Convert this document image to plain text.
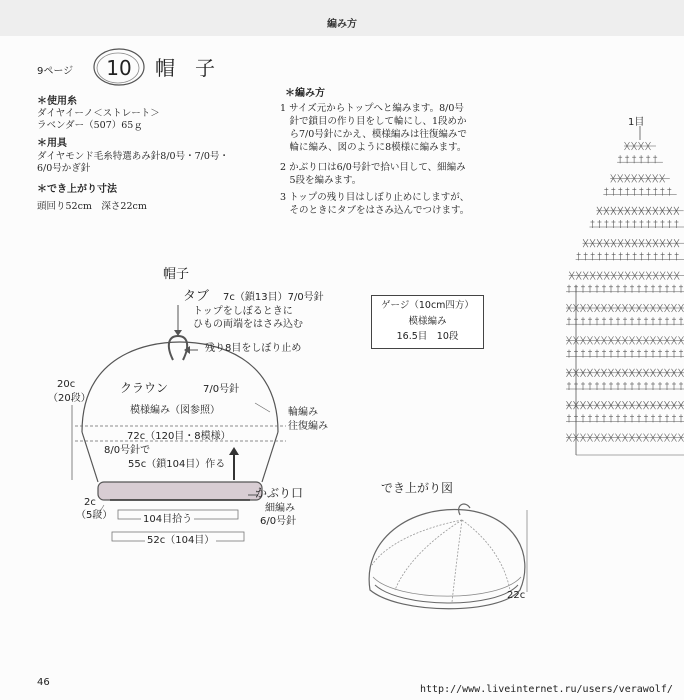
編み方
9ページ	10	帽　子
＊使用糸
ダイヤイーノ＜ストレート＞
ラベンダー（507）65ｇ
＊用具
ダイヤモンド毛糸特選あみ針8/0号・7/0号・
6/0号かぎ針
＊でき上がり寸法
頭回り52cm　深さ22cm
＊編み方
1 サイズ元からトップへと編みます。8/0号
　針で鎖目の作り目をして輪にし、1段めか
　ら7/0号針にかえ、模様編みは往復編みで
　輪に編み、図のように8模様に編みます。
2 かぶり口は6/0号針で拾い目して、細編み
　5段を編みます。
3 トップの残り目はしぼり止めにしますが、
　そのときにタブをはさみ込んでつけます。
1目
帽子
タブ 7c（鎖13目）7/0号針
トップをしぼるときに
ひもの両端をはさみ込む
残り8目をしぼり止め
クラウン	7/0号針
模様編み（図参照）
20c
（20段）
輪編み
往復編み
72c（120目・8模様）
8/0号針で
55c（鎖104目）作る
かぶり口
細編み
6/0号針
2c
（5段）	104目拾う
52c（104目）
ゲージ（10cm四方）
模様編み
16.5目　10段
でき上がり図
22c
46
http://www.liveinternet.ru/users/verawolf/
